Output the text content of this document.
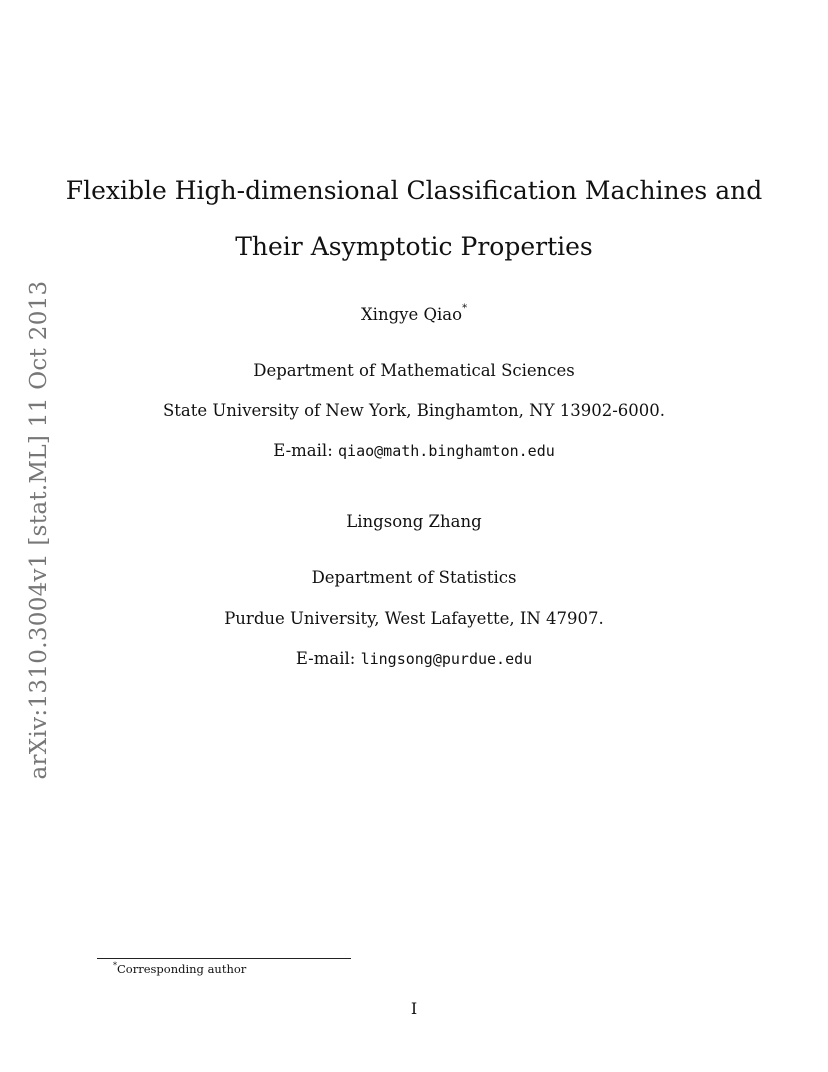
arXiv:1310.3004v1 [stat.ML] 11 Oct 2013
Flexible High-dimensional Classification Machines and
Their Asymptotic Properties
Xingye Qiao*
Department of Mathematical Sciences
State University of New York, Binghamton, NY 13902-6000.
E-mail: qiao@math.binghamton.edu
Lingsong Zhang
Department of Statistics
Purdue University, West Lafayette, IN 47907.
E-mail: lingsong@purdue.edu
*Corresponding author
I
